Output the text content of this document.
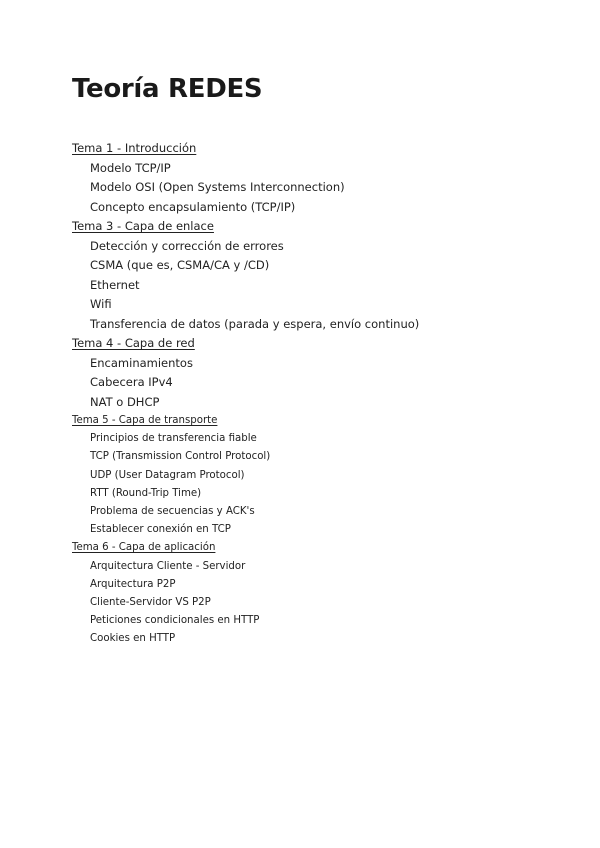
Teoría REDES
Tema 1 - Introducción
Modelo TCP/IP
Modelo OSI (Open Systems Interconnection)
Concepto encapsulamiento (TCP/IP)
Tema 3 - Capa de enlace
Detección y corrección de errores
CSMA (que es, CSMA/CA y /CD)
Ethernet
Wifi
Transferencia de datos (parada y espera, envío continuo)
Tema 4 - Capa de red
Encaminamientos
Cabecera IPv4
NAT o DHCP
Tema 5 - Capa de transporte
Principios de transferencia fiable
TCP (Transmission Control Protocol)
UDP (User Datagram Protocol)
RTT (Round-Trip Time)
Problema de secuencias y ACK's
Establecer conexión en TCP
Tema 6 - Capa de aplicación
Arquitectura Cliente - Servidor
Arquitectura P2P
Cliente-Servidor VS P2P
Peticiones condicionales en HTTP
Cookies en HTTP
